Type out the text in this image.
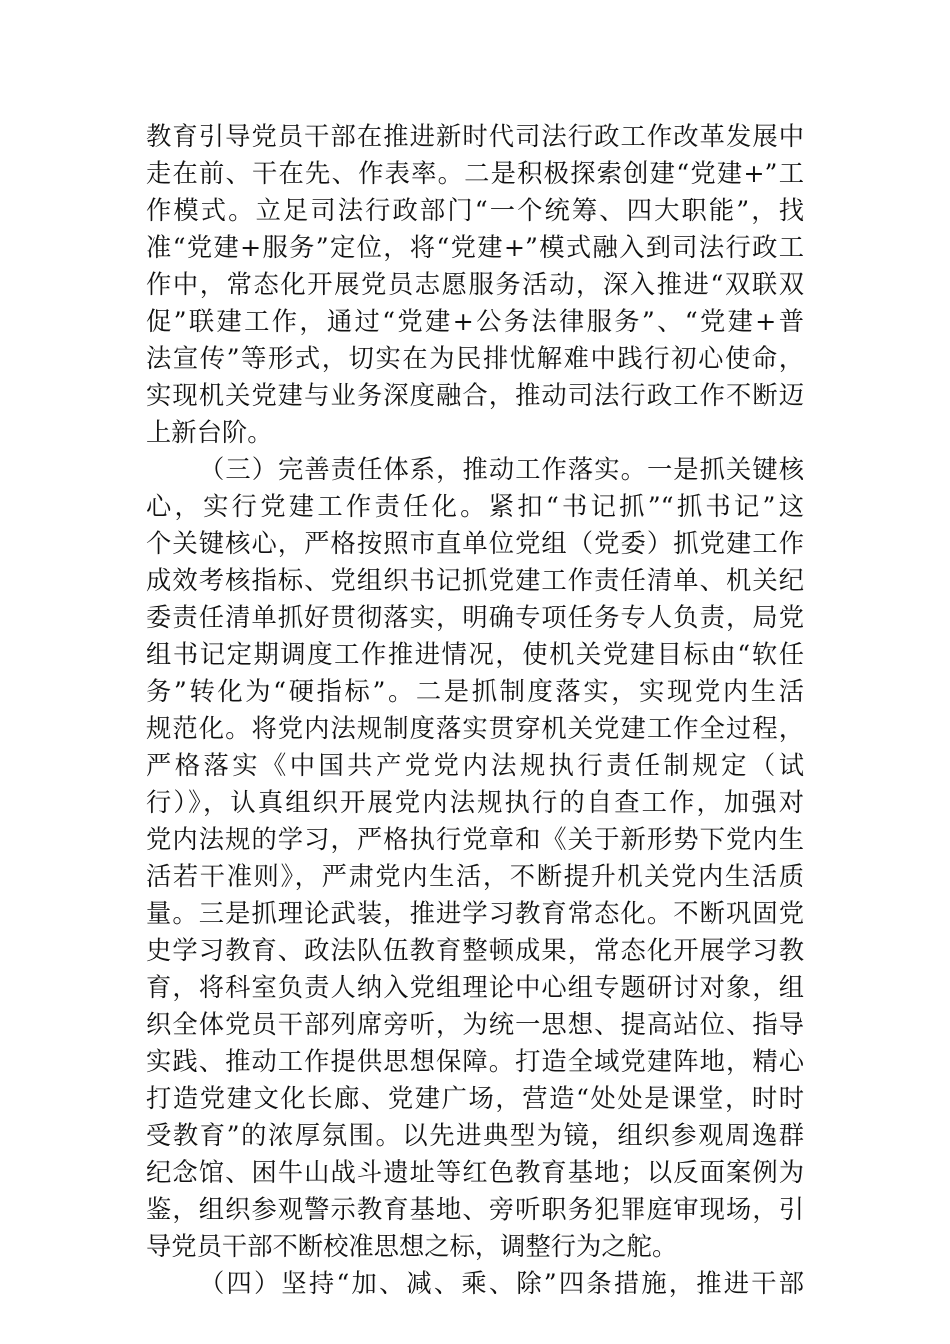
教育引导党员干部在推进新时代司法行政工作改革发展中
走在前、干在先、作表率。二是积极探索创建“党建+”工
作模式。立足司法行政部门“一个统筹、四大职能”，找
准“党建+服务”定位，将“党建+”模式融入到司法行政工
作中，常态化开展党员志愿服务活动，深入推进“双联双
促”联建工作，通过“党建+公务法律服务”、“党建+普
法宣传”等形式，切实在为民排忧解难中践行初心使命，
实现机关党建与业务深度融合，推动司法行政工作不断迈
上新台阶。
（三）完善责任体系，推动工作落实。一是抓关键核
心，实行党建工作责任化。紧扣“书记抓”“抓书记”这
个关键核心，严格按照市直单位党组（党委）抓党建工作
成效考核指标、党组织书记抓党建工作责任清单、机关纪
委责任清单抓好贯彻落实，明确专项任务专人负责，局党
组书记定期调度工作推进情况，使机关党建目标由“软任
务”转化为“硬指标”。二是抓制度落实，实现党内生活
规范化。将党内法规制度落实贯穿机关党建工作全过程，
严格落实《中国共产党党内法规执行责任制规定（试
行）》，认真组织开展党内法规执行的自查工作，加强对
党内法规的学习，严格执行党章和《关于新形势下党内生
活若干准则》，严肃党内生活，不断提升机关党内生活质
量。三是抓理论武装，推进学习教育常态化。不断巩固党
史学习教育、政法队伍教育整顿成果，常态化开展学习教
育，将科室负责人纳入党组理论中心组专题研讨对象，组
织全体党员干部列席旁听，为统一思想、提高站位、指导
实践、推动工作提供思想保障。打造全域党建阵地，精心
打造党建文化长廊、党建广场，营造“处处是课堂，时时
受教育”的浓厚氛围。以先进典型为镜，组织参观周逸群
纪念馆、困牛山战斗遗址等红色教育基地；以反面案例为
鉴，组织参观警示教育基地、旁听职务犯罪庭审现场，引
导党员干部不断校准思想之标，调整行为之舵。
（四）坚持“加、减、乘、除”四条措施，推进干部
